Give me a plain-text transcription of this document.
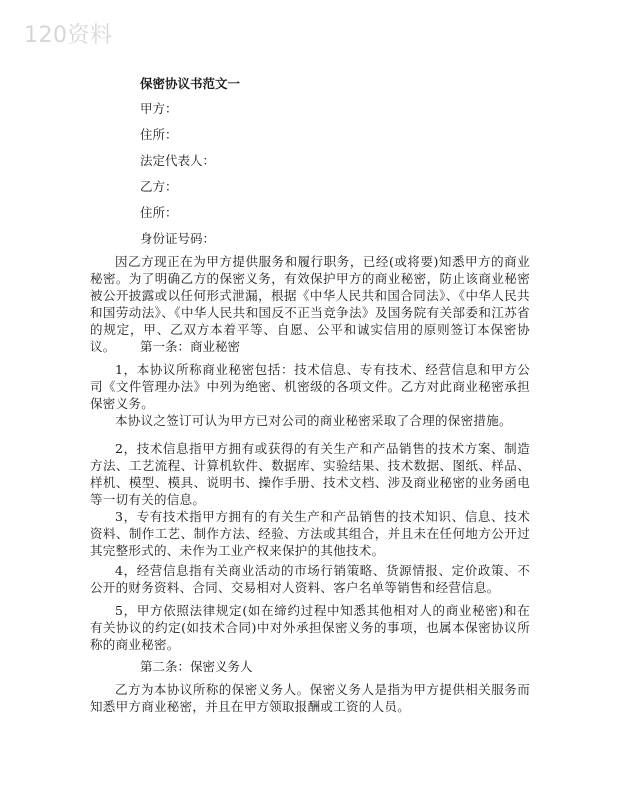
120资料
保密协议书范文一
甲方：
住所：
法定代表人：
乙方：
住所：
身份证号码：

因乙方现正在为甲方提供服务和履行职务，已经(或将要)知悉甲方的商业秘密。为了明确乙方的保密义务，有效保护甲方的商业秘密，防止该商业秘密被公开披露或以任何形式泄漏，根据《中华人民共和国合同法》、《中华人民共和国劳动法》、《中华人民共和国反不正当竞争法》及国务院有关部委和江苏省的规定，甲、乙双方本着平等、自愿、公平和诚实信用的原则签订本保密协议。	第一条：商业秘密

1，本协议所称商业秘密包括：技术信息、专有技术、经营信息和甲方公司《文件管理办法》中列为绝密、机密级的各项文件。乙方对此商业秘密承担保密义务。

本协议之签订可认为甲方已对公司的商业秘密采取了合理的保密措施。

2，技术信息指甲方拥有或获得的有关生产和产品销售的技术方案、制造方法、工艺流程、计算机软件、数据库、实验结果、技术数据、图纸、样品、样机、模型、模具、说明书、操作手册、技术文档、涉及商业秘密的业务函电等一切有关的信息。

3，专有技术指甲方拥有的有关生产和产品销售的技术知识、信息、技术资料、制作工艺、制作方法、经验、方法或其组合，并且未在任何地方公开过其完整形式的、未作为工业产权来保护的其他技术。

4，经营信息指有关商业活动的市场行销策略、货源情报、定价政策、不公开的财务资料、合同、交易相对人资料、客户名单等销售和经营信息。

5，甲方依照法律规定(如在缔约过程中知悉其他相对人的商业秘密)和在有关协议的约定(如技术合同)中对外承担保密义务的事项，也属本保密协议所称的商业秘密。

第二条：保密义务人

乙方为本协议所称的保密义务人。保密义务人是指为甲方提供相关服务而知悉甲方商业秘密，并且在甲方领取报酬或工资的人员。
